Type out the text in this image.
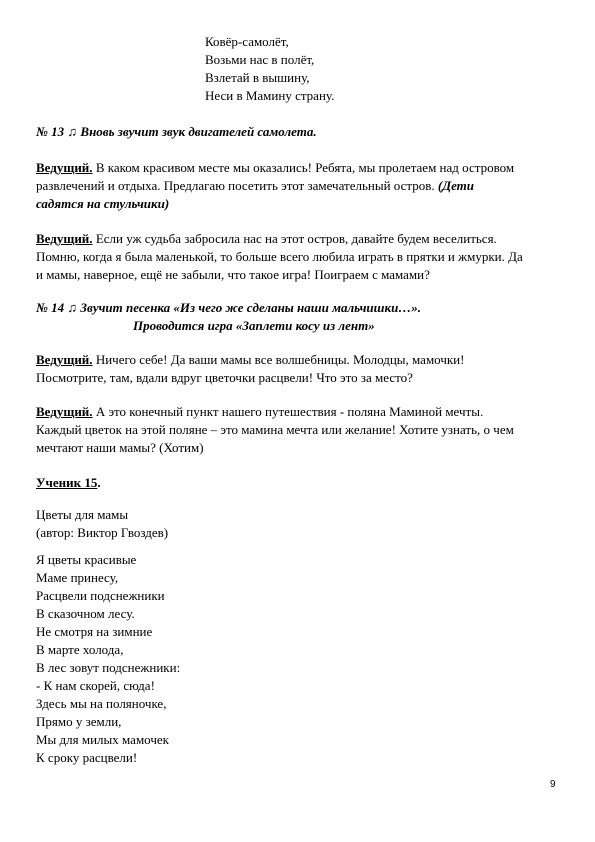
Ковёр-самолёт,
Возьми нас в полёт,
Взлетай в вышину,
Неси в Мамину страну.
№ 13 ♫ Вновь звучит звук двигателей самолета.
Ведущий. В каком красивом месте мы оказались! Ребята, мы пролетаем над островом
развлечений и отдыха. Предлагаю посетить этот замечательный остров. (Дети
садятся на стульчики)
Ведущий. Если уж судьба забросила нас на этот остров, давайте будем веселиться.
Помню, когда я была маленькой, то больше всего любила играть в прятки и жмурки. Да
и мамы, наверное, ещё не забыли, что такое игра! Поиграем с мамами?
№ 14 ♫ Звучит песенка «Из чего же сделаны наши мальчишки…».
Проводится игра «Заплети косу из лент»
Ведущий. Ничего себе! Да ваши мамы все волшебницы. Молодцы, мамочки!
Посмотрите, там, вдали вдруг цветочки расцвели! Что это за место?
Ведущий. А это конечный пункт нашего путешествия - поляна Маминой мечты.
Каждый цветок на этой поляне – это мамина мечта или желание! Хотите узнать, о чем
мечтают наши мамы? (Хотим)
Ученик 15.
Цветы для мамы
(автор: Виктор Гвоздев)
Я цветы красивые
Маме принесу,
Расцвели подснежники
В сказочном лесу.
Не смотря на зимние
В марте холода,
В лес зовут подснежники:
- К нам скорей, сюда!
Здесь мы на поляночке,
Прямо у земли,
Мы для милых мамочек
К сроку расцвели!
9
